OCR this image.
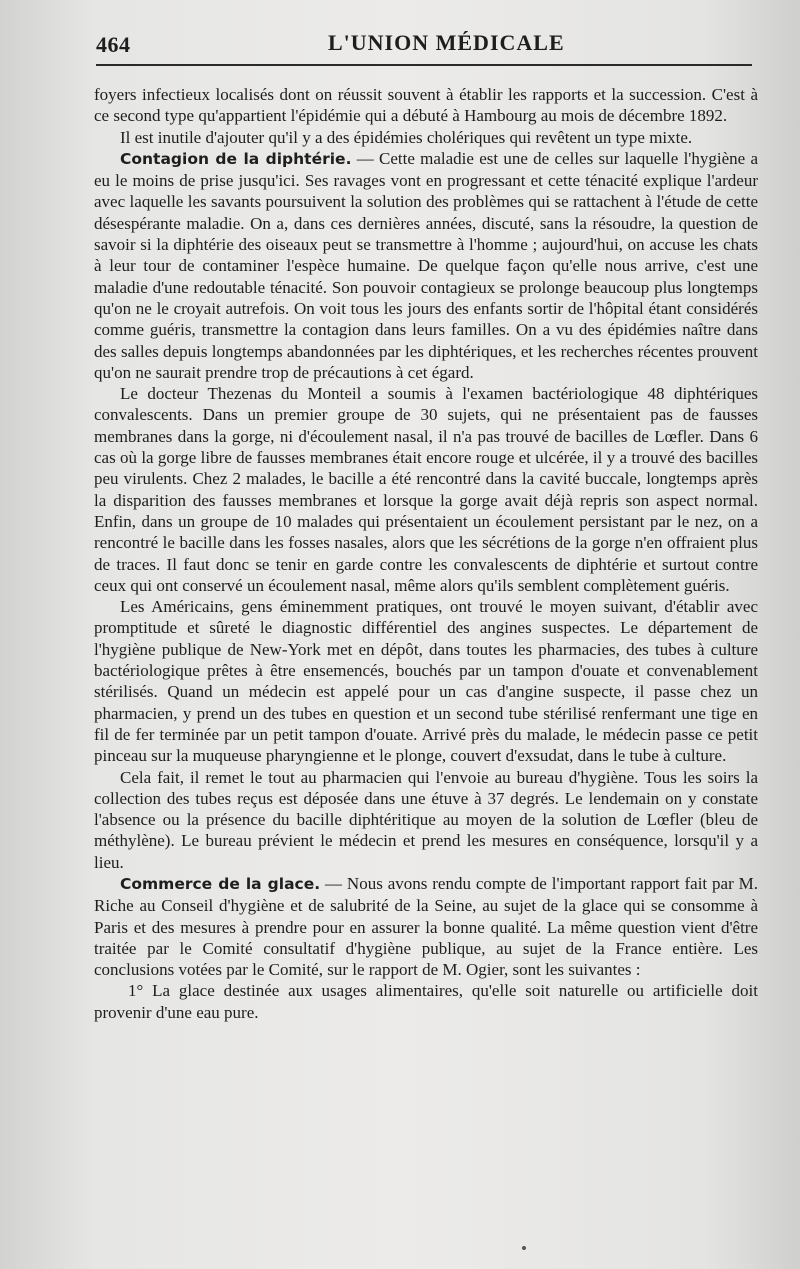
464	L'UNION MÉDICALE

foyers infectieux localisés dont on réussit souvent à établir les rapports et la succession. C'est à ce second type qu'appartient l'épidémie qui a débuté à Hambourg au mois de décembre 1892.

Il est inutile d'ajouter qu'il y a des épidémies cholériques qui revêtent un type mixte.

Contagion de la diphtérie. — Cette maladie est une de celles sur laquelle l'hygiène a eu le moins de prise jusqu'ici. Ses ravages vont en progressant et cette ténacité explique l'ardeur avec laquelle les savants poursuivent la solution des problèmes qui se rattachent à l'étude de cette désespérante maladie. On a, dans ces dernières années, discuté, sans la résoudre, la question de savoir si la diphtérie des oiseaux peut se transmettre à l'homme ; aujourd'hui, on accuse les chats à leur tour de contaminer l'espèce humaine. De quelque façon qu'elle nous arrive, c'est une maladie d'une redoutable ténacité. Son pouvoir contagieux se prolonge beaucoup plus longtemps qu'on ne le croyait autrefois. On voit tous les jours des enfants sortir de l'hôpital étant considérés comme guéris, transmettre la contagion dans leurs familles. On a vu des épidémies naître dans des salles depuis longtemps abandonnées par les diphtériques, et les recherches récentes prouvent qu'on ne saurait prendre trop de précautions à cet égard.

Le docteur Thezenas du Monteil a soumis à l'examen bactériologique 48 diphtériques convalescents. Dans un premier groupe de 30 sujets, qui ne présentaient pas de fausses membranes dans la gorge, ni d'écoulement nasal, il n'a pas trouvé de bacilles de Lœfler. Dans 6 cas où la gorge libre de fausses membranes était encore rouge et ulcérée, il y a trouvé des bacilles peu virulents. Chez 2 malades, le bacille a été rencontré dans la cavité buccale, longtemps après la disparition des fausses membranes et lorsque la gorge avait déjà repris son aspect normal. Enfin, dans un groupe de 10 malades qui présentaient un écoulement persistant par le nez, on a rencontré le bacille dans les fosses nasales, alors que les sécrétions de la gorge n'en offraient plus de traces. Il faut donc se tenir en garde contre les convalescents de diphtérie et surtout contre ceux qui ont conservé un écoulement nasal, même alors qu'ils semblent complètement guéris.

Les Américains, gens éminemment pratiques, ont trouvé le moyen suivant, d'établir avec promptitude et sûreté le diagnostic différentiel des angines suspectes. Le département de l'hygiène publique de New-York met en dépôt, dans toutes les pharmacies, des tubes à culture bactériologique prêtes à être ensemencés, bouchés par un tampon d'ouate et convenablement stérilisés. Quand un médecin est appelé pour un cas d'angine suspecte, il passe chez un pharmacien, y prend un des tubes en question et un second tube stérilisé renfermant une tige en fil de fer terminée par un petit tampon d'ouate. Arrivé près du malade, le médecin passe ce petit pinceau sur la muqueuse pharyngienne et le plonge, couvert d'exsudat, dans le tube à culture.

Cela fait, il remet le tout au pharmacien qui l'envoie au bureau d'hygiène. Tous les soirs la collection des tubes reçus est déposée dans une étuve à 37 degrés. Le lendemain on y constate l'absence ou la présence du bacille diphtéritique au moyen de la solution de Lœfler (bleu de méthylène). Le bureau prévient le médecin et prend les mesures en conséquence, lorsqu'il y a lieu.

Commerce de la glace. — Nous avons rendu compte de l'important rapport fait par M. Riche au Conseil d'hygiène et de salubrité de la Seine, au sujet de la glace qui se consomme à Paris et des mesures à prendre pour en assurer la bonne qualité. La même question vient d'être traitée par le Comité consultatif d'hygiène publique, au sujet de la France entière. Les conclusions votées par le Comité, sur le rapport de M. Ogier, sont les suivantes :

1° La glace destinée aux usages alimentaires, qu'elle soit naturelle ou artificielle doit provenir d'une eau pure.
